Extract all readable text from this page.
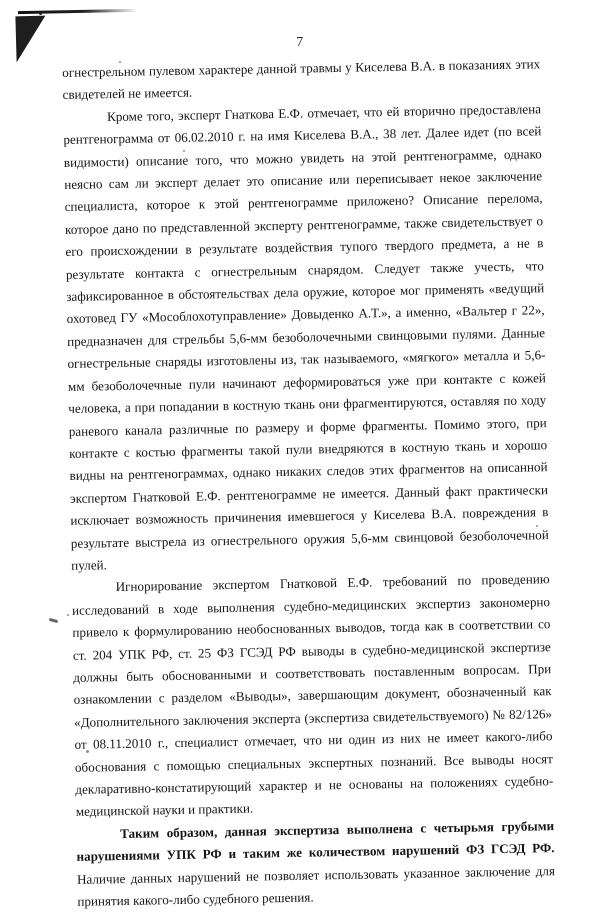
7

огнестрельном пулевом характере данной травмы у Киселева В.А. в показаниях этих свидетелей не имеется.

Кроме того, эксперт Гнаткова Е.Ф. отмечает, что ей вторично предоставлена рентгенограмма от 06.02.2010 г. на имя Киселева В.А., 38 лет. Далее идет (по всей видимости) описание того, что можно увидеть на этой рентгенограмме, однако неясно сам ли эксперт делает это описание или переписывает некое заключение специалиста, которое к этой рентгенограмме приложено? Описание перелома, которое дано по представленной эксперту рентгенограмме, также свидетельствует о его происхождении в результате воздействия тупого твердого предмета, а не в результате контакта с огнестрельным снарядом. Следует также учесть, что зафиксированное в обстоятельствах дела оружие, которое мог применять «ведущий охотовед ГУ «Мособлохотуправление» Довыденко А.Т.», а именно, «Вальтер г 22», предназначен для стрельбы 5,6-мм безоболочечными свинцовыми пулями. Данные огнестрельные снаряды изготовлены из, так называемого, «мягкого» металла и 5,6-мм безоболочечные пули начинают деформироваться уже при контакте с кожей человека, а при попадании в костную ткань они фрагментируются, оставляя по ходу раневого канала различные по размеру и форме фрагменты. Помимо этого, при контакте с костью фрагменты такой пули внедряются в костную ткань и хорошо видны на рентгенограммах, однако никаких следов этих фрагментов на описанной экспертом Гнатковой Е.Ф. рентгенограмме не имеется. Данный факт практически исключает возможность причинения имевшегося у Киселева В.А. повреждения в результате выстрела из огнестрельного оружия 5,6-мм свинцовой безоболочечной пулей.

Игнорирование экспертом Гнатковой Е.Ф. требований по проведению исследований в ходе выполнения судебно-медицинских экспертиз закономерно привело к формулированию необоснованных выводов, тогда как в соответствии со ст. 204 УПК РФ, ст. 25 ФЗ ГСЭД РФ выводы в судебно-медицинской экспертизе должны быть обоснованными и соответствовать поставленным вопросам. При ознакомлении с разделом «Выводы», завершающим документ, обозначенный как «Дополнительного заключения эксперта (экспертиза свидетельствуемого) № 82/126» от 08.11.2010 г., специалист отмечает, что ни один из них не имеет какого-либо обоснования с помощью специальных экспертных познаний. Все выводы носят декларативно-констатирующий характер и не основаны на положениях судебно-медицинской науки и практики.

Таким образом, данная экспертиза выполнена с четырьмя грубыми нарушениями УПК РФ и таким же количеством нарушений ФЗ ГСЭД РФ. Наличие данных нарушений не позволяет использовать указанное заключение для принятия какого-либо судебного решения.
